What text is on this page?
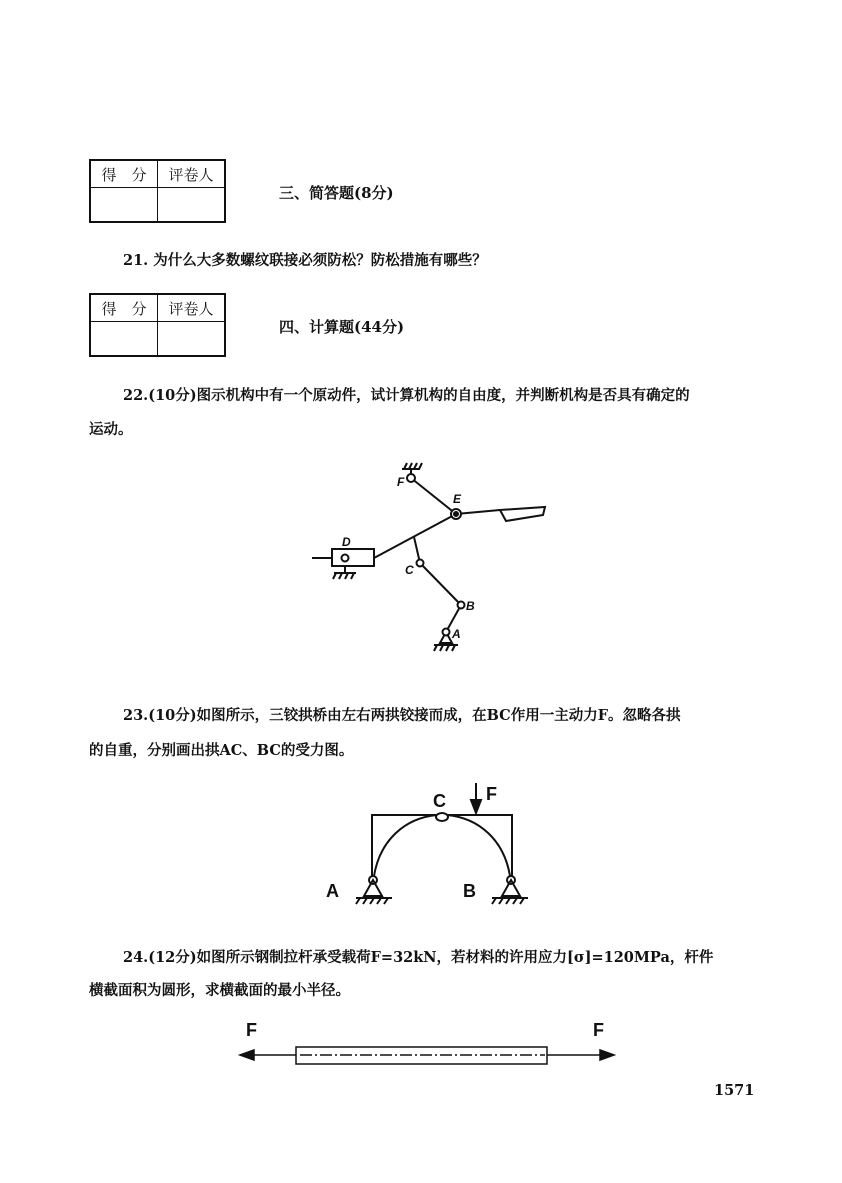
得　分	评卷人

三、简答题(8分)
21. 为什么大多数螺纹联接必须防松？防松措施有哪些？
得　分	评卷人

四、计算题(44分)
22.(10分)图示机构中有一个原动件，试计算机构的自由度，并判断机构是否具有确定的
运动。
F
E
D
C
B
A
23.(10分)如图所示，三铰拱桥由左右两拱铰接而成，在BC作用一主动力F。忽略各拱
的自重，分别画出拱AC、BC的受力图。
C F
A	B
24.(12分)如图所示钢制拉杆承受载荷F=32kN，若材料的许用应力[σ]=120MPa，杆件
横截面积为圆形，求横截面的最小半径。
F	F
1571
